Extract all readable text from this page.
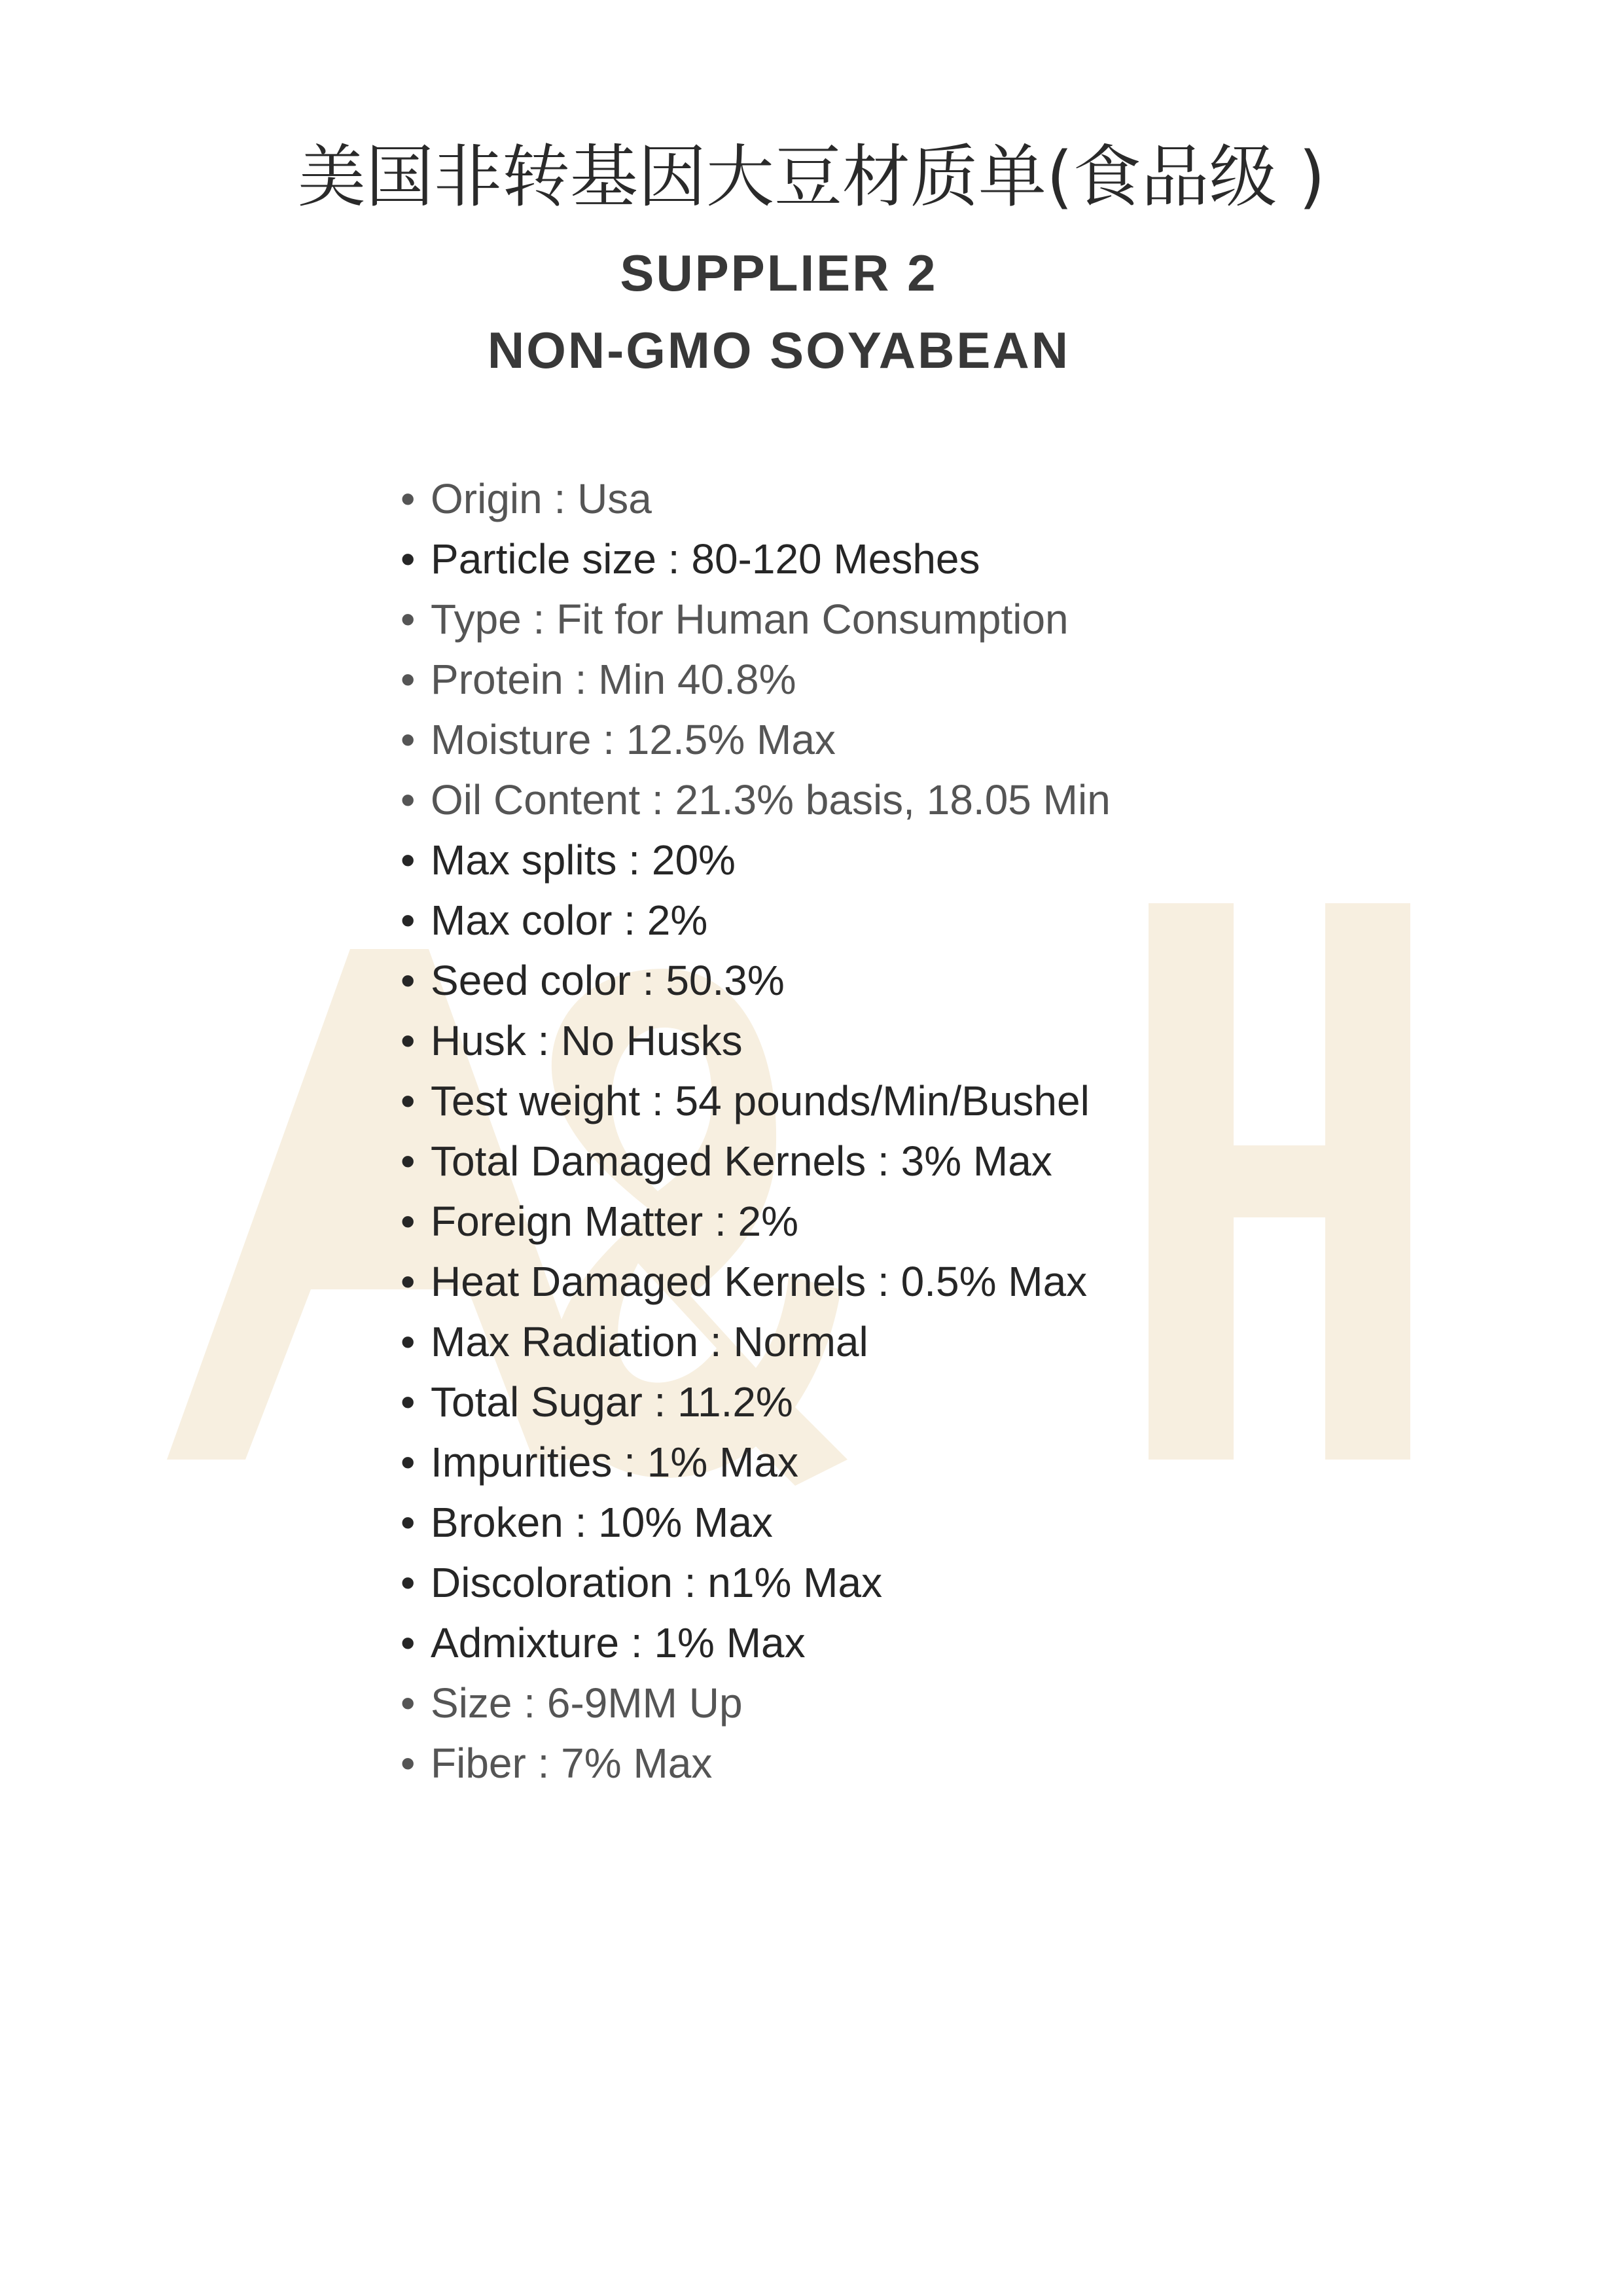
美国非转基因大豆材质单(食品级 )
SUPPLIER 2
NON-GMO SOYABEAN
• Origin : Usa
• Particle size : 80-120 Meshes
• Type : Fit for Human Consumption
• Protein : Min 40.8%
• Moisture : 12.5% Max
• Oil Content : 21.3% basis, 18.05 Min
• Max splits : 20%
• Max color : 2%
• Seed color : 50.3%
• Husk : No Husks
• Test weight : 54 pounds/Min/Bushel
• Total Damaged Kernels : 3% Max
• Foreign Matter : 2%
• Heat Damaged Kernels : 0.5% Max
• Max Radiation : Normal
• Total Sugar : 11.2%
• Impurities : 1% Max
• Broken : 10% Max
• Discoloration : n1% Max
• Admixture : 1% Max
• Size : 6-9MM Up
• Fiber : 7% Max
